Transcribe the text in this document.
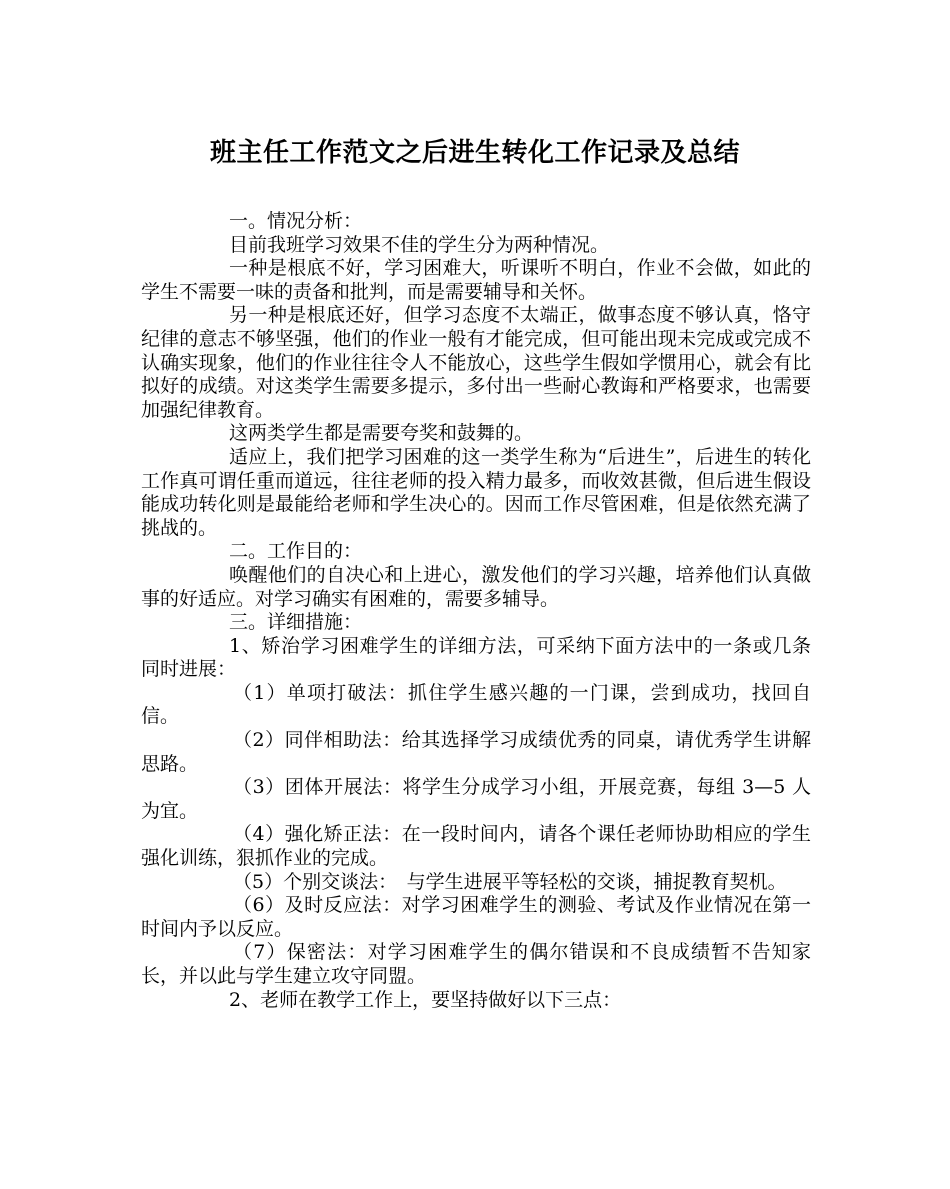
班主任工作范文之后进生转化工作记录及总结

一。情况分析：

目前我班学习效果不佳的学生分为两种情况。

一种是根底不好，学习困难大，听课听不明白，作业不会做，如此的学生不需要一味的责备和批判，而是需要辅导和关怀。

另一种是根底还好，但学习态度不太端正，做事态度不够认真，恪守纪律的意志不够坚强，他们的作业一般有才能完成，但可能出现未完成或完成不认确实现象，他们的作业往往令人不能放心，这些学生假如学惯用心，就会有比拟好的成绩。对这类学生需要多提示，多付出一些耐心教诲和严格要求，也需要加强纪律教育。

这两类学生都是需要夸奖和鼓舞的。

适应上，我们把学习困难的这一类学生称为“后进生”，后进生的转化工作真可谓任重而道远，往往老师的投入精力最多，而收效甚微，但后进生假设能成功转化则是最能给老师和学生决心的。因而工作尽管困难，但是依然充满了挑战的。

二。工作目的：

唤醒他们的自决心和上进心，激发他们的学习兴趣，培养他们认真做事的好适应。对学习确实有困难的，需要多辅导。

三。详细措施：

1、矫治学习困难学生的详细方法，可采纳下面方法中的一条或几条同时进展：

（1）单项打破法：抓住学生感兴趣的一门课，尝到成功，找回自信。

（2）同伴相助法：给其选择学习成绩优秀的同桌，请优秀学生讲解思路。

（3）团体开展法：将学生分成学习小组，开展竞赛，每组 3—5 人为宜。

（4）强化矫正法：在一段时间内，请各个课任老师协助相应的学生强化训练，狠抓作业的完成。

（5）个别交谈法：　与学生进展平等轻松的交谈，捕捉教育契机。

（6）及时反应法：对学习困难学生的测验、考试及作业情况在第一时间内予以反应。

（7）保密法：对学习困难学生的偶尔错误和不良成绩暂不告知家长，并以此与学生建立攻守同盟。

2、老师在教学工作上，要坚持做好以下三点：
